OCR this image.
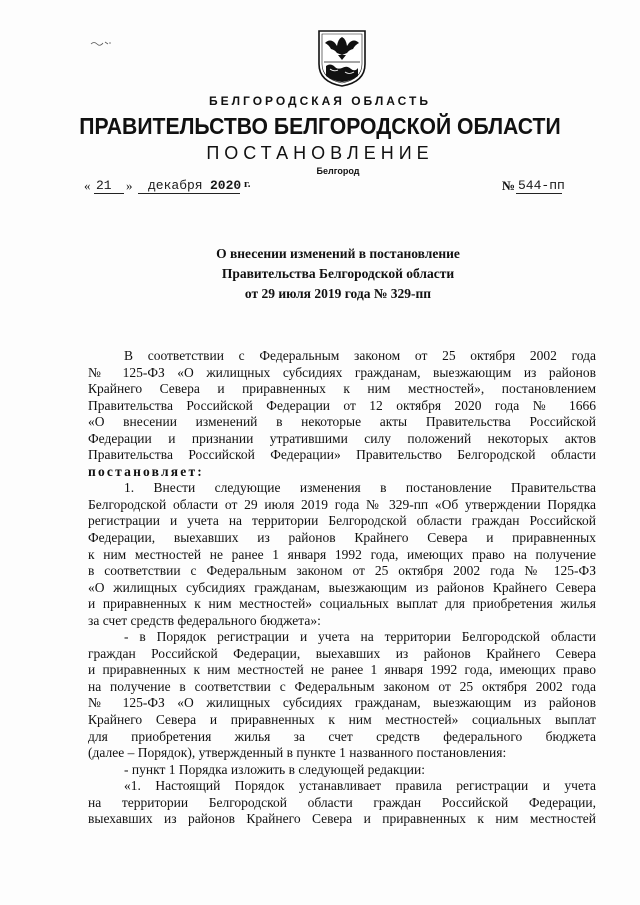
БЕЛГОРОДСКАЯ ОБЛАСТЬ
ПРАВИТЕЛЬСТВО БЕЛГОРОДСКОЙ ОБЛАСТИ
ПОСТАНОВЛЕНИЕ
Белгород
« 21 » декабря 2020 г.	№ 544-пп
О внесении изменений в постановление
Правительства Белгородской области
от 29 июля 2019 года № 329-пп
В соответствии с Федеральным законом от 25 октября 2002 года
№ 125-ФЗ «О жилищных субсидиях гражданам, выезжающим из районов
Крайнего Севера и приравненных к ним местностей», постановлением
Правительства Российской Федерации от 12 октября 2020 года № 1666
«О внесении изменений в некоторые акты Правительства Российской
Федерации и признании утратившими силу положений некоторых актов
Правительства Российской Федерации» Правительство Белгородской области
постановляет:
1. Внести следующие изменения в постановление Правительства
Белгородской области от 29 июля 2019 года № 329-пп «Об утверждении Порядка
регистрации и учета на территории Белгородской области граждан Российской
Федерации, выехавших из районов Крайнего Севера и приравненных
к ним местностей не ранее 1 января 1992 года, имеющих право на получение
в соответствии с Федеральным законом от 25 октября 2002 года № 125-ФЗ
«О жилищных субсидиях гражданам, выезжающим из районов Крайнего Севера
и приравненных к ним местностей» социальных выплат для приобретения жилья
за счет средств федерального бюджета»:
- в Порядок регистрации и учета на территории Белгородской области
граждан Российской Федерации, выехавших из районов Крайнего Севера
и приравненных к ним местностей не ранее 1 января 1992 года, имеющих право
на получение в соответствии с Федеральным законом от 25 октября 2002 года
№ 125-ФЗ «О жилищных субсидиях гражданам, выезжающим из районов
Крайнего Севера и приравненных к ним местностей» социальных выплат
для приобретения жилья за счет средств федерального бюджета
(далее – Порядок), утвержденный в пункте 1 названного постановления:
- пункт 1 Порядка изложить в следующей редакции:
«1. Настоящий Порядок устанавливает правила регистрации и учета
на территории Белгородской области граждан Российской Федерации,
выехавших из районов Крайнего Севера и приравненных к ним местностей
